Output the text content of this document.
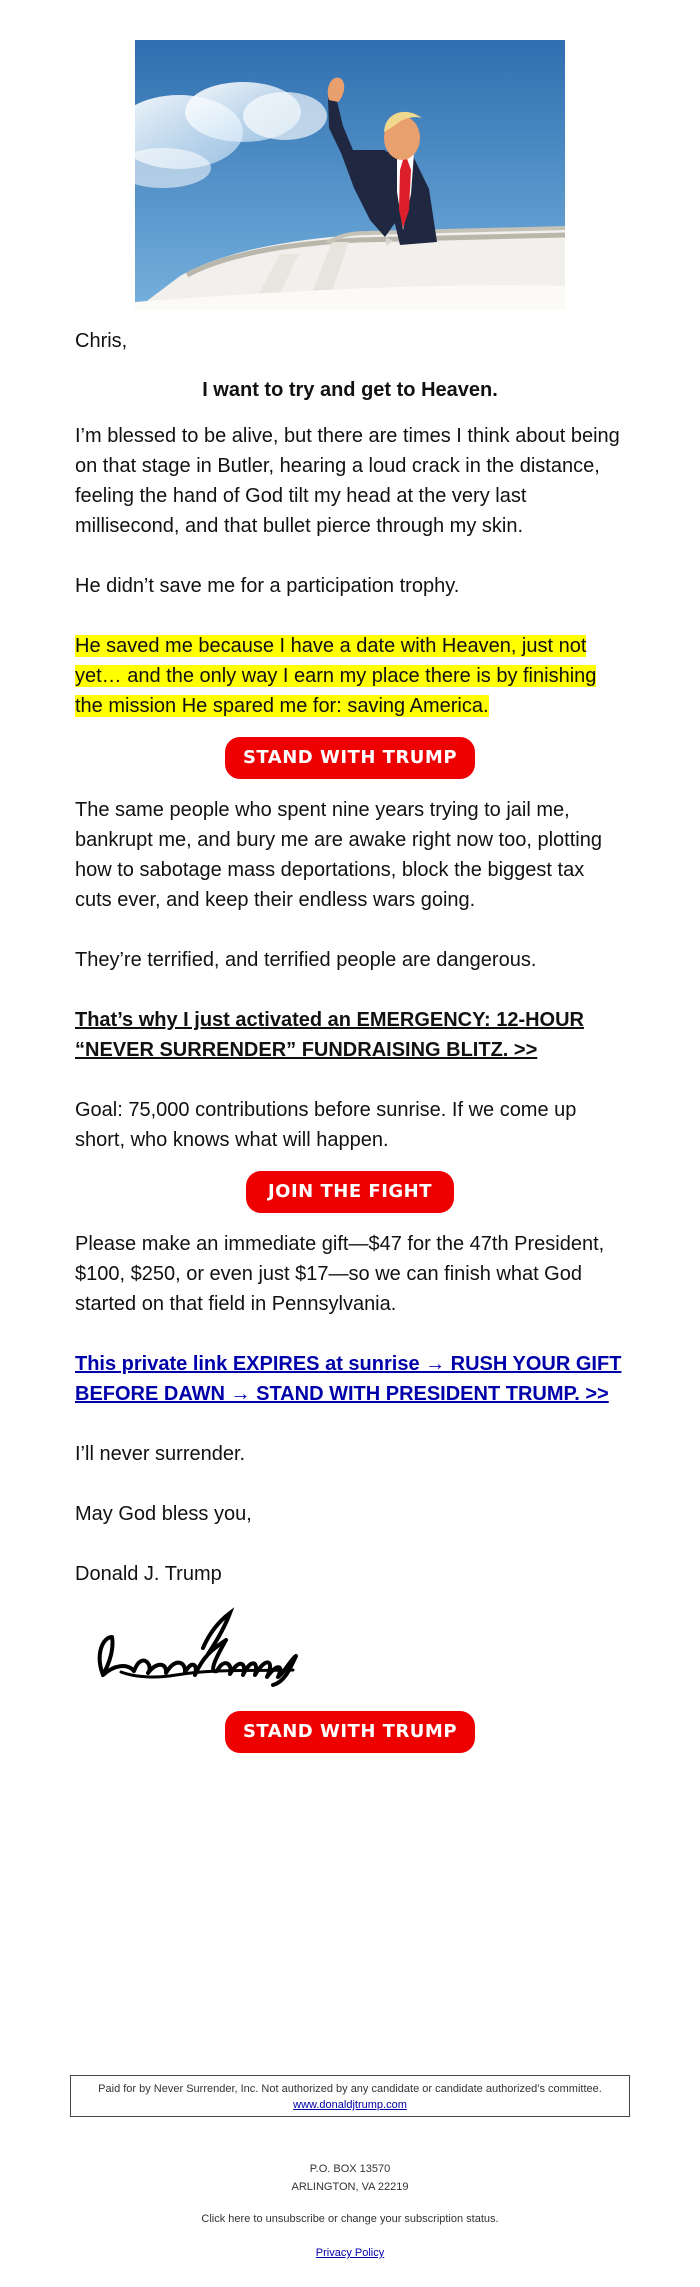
Chris,

I want to try and get to Heaven.

I’m blessed to be alive, but there are times I think about being on that stage in Butler, hearing a loud crack in the distance, feeling the hand of God tilt my head at the very last millisecond, and that bullet pierce through my skin.

He didn’t save me for a participation trophy.

He saved me because I have a date with Heaven, just not yet… and the only way I earn my place there is by finishing the mission He spared me for: saving America.

STAND WITH TRUMP

The same people who spent nine years trying to jail me, bankrupt me, and bury me are awake right now too, plotting how to sabotage mass deportations, block the biggest tax cuts ever, and keep their endless wars going.

They’re terrified, and terrified people are dangerous.

That’s why I just activated an EMERGENCY: 12-HOUR “NEVER SURRENDER” FUNDRAISING BLITZ. >>

Goal: 75,000 contributions before sunrise. If we come up short, who knows what will happen.

JOIN THE FIGHT

Please make an immediate gift—$47 for the 47th President, $100, $250, or even just $17—so we can finish what God started on that field in Pennsylvania.

This private link EXPIRES at sunrise → RUSH YOUR GIFT BEFORE DAWN → STAND WITH PRESIDENT TRUMP. >>

I’ll never surrender.

May God bless you,

Donald J. Trump

STAND WITH TRUMP
Paid for by Never Surrender, Inc. Not authorized by any candidate or candidate authorized’s committee.
www.donaldjtrump.com
P.O. BOX 13570
ARLINGTON, VA 22219
Click here to unsubscribe or change your subscription status.
Privacy Policy
